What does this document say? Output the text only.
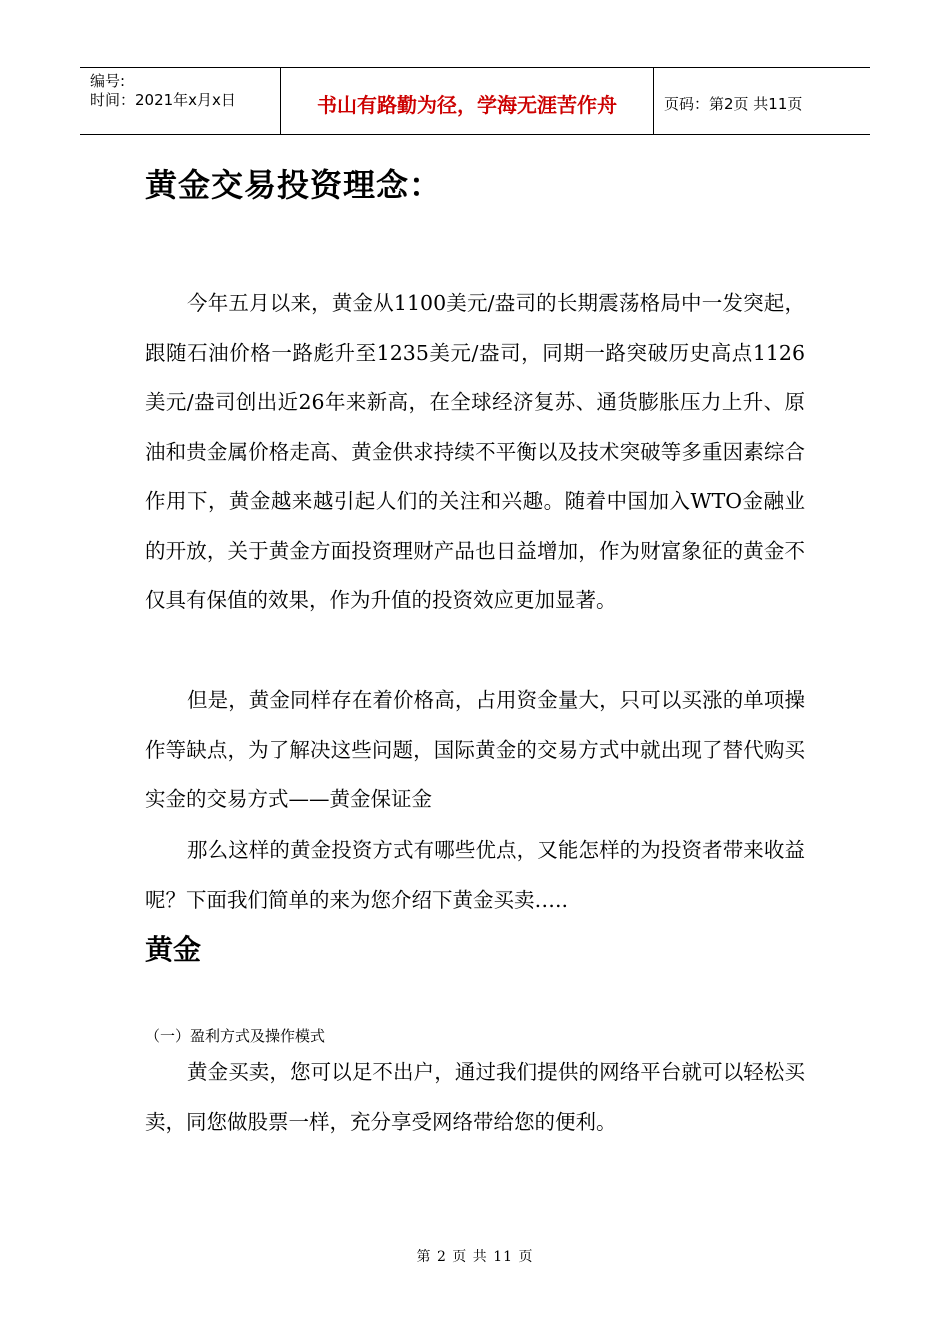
编号:
时间：2021年x月x日	书山有路勤为径，学海无涯苦作舟	页码：第2页 共11页
黄金交易投资理念：

今年五月以来，黄金从1100美元/盎司的长期震荡格局中一发突起，跟随石油价格一路彪升至1235美元/盎司，同期一路突破历史高点1126美元/盎司创出近26年来新高，在全球经济复苏、通货膨胀压力上升、原油和贵金属价格走高、黄金供求持续不平衡以及技术突破等多重因素综合作用下，黄金越来越引起人们的关注和兴趣。随着中国加入WTO金融业的开放，关于黄金方面投资理财产品也日益增加，作为财富象征的黄金不仅具有保值的效果，作为升值的投资效应更加显著。

但是，黄金同样存在着价格高，占用资金量大，只可以买涨的单项操作等缺点，为了解决这些问题，国际黄金的交易方式中就出现了替代购买实金的交易方式——黄金保证金

那么这样的黄金投资方式有哪些优点，又能怎样的为投资者带来收益呢？下面我们简单的来为您介绍下黄金买卖…..

黄金
（一）盈利方式及操作模式

黄金买卖，您可以足不出户，通过我们提供的网络平台就可以轻松买卖，同您做股票一样，充分享受网络带给您的便利。

第 2 页 共 11 页
